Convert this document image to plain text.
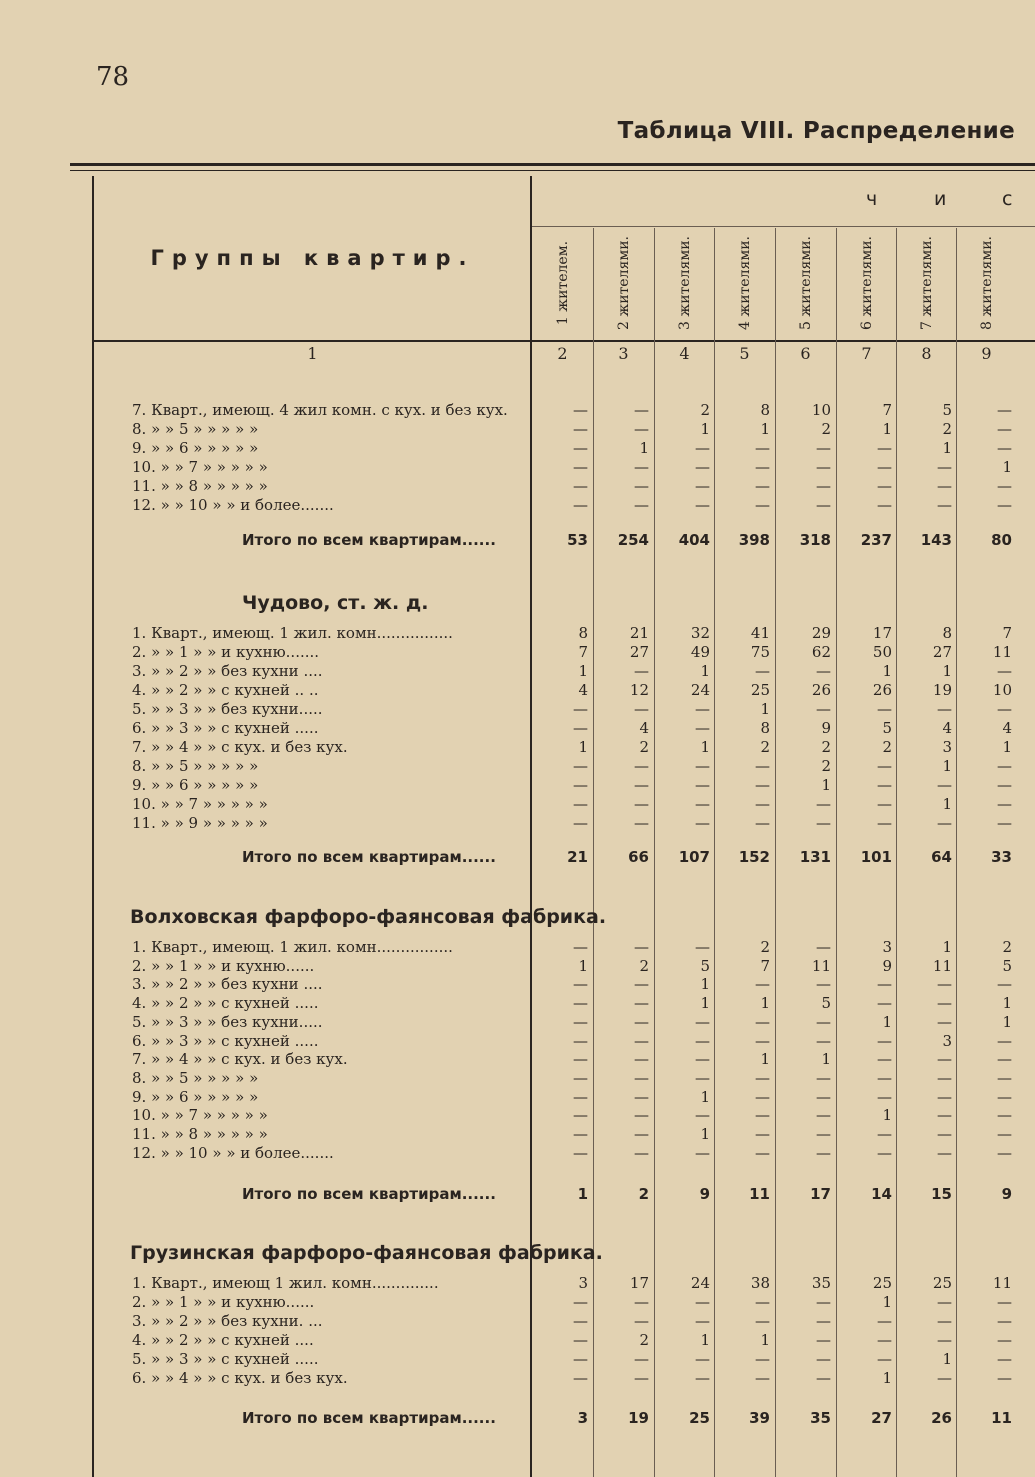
78
Таблица VIII. Распределение
Группы квартир.
ч	и	с
1 жителем.	2 жителями.	3 жителями.	4 жителями.	5 жителями.	6 жителями.	7 жителями.	8 жителями.
1	2	3	4	5	6	7	8	9
7. Кварт., имеющ. 4 жил комн. с кух. и без кух.	—	—	2	8	10	7	5	—
8. » » 5 » » » » »	—	—	1	1	2	1	2	—
9. » » 6 » » » » »	—	1	—	—	—	—	1	—
10. » » 7 » » » » »	—	—	—	—	—	—	—	1
11. » » 8 » » » » »	—	—	—	—	—	—	—	—
12. » » 10 » » и более.......	—	—	—	—	—	—	—	—
Итого по всем квартирам......	53	254	404	398	318	237	143	80
Чудово, ст. ж. д.
1. Кварт., имеющ. 1 жил. комн................	8	21	32	41	29	17	8	7
2. » » 1 » » и кухню.......	7	27	49	75	62	50	27	11
3. » » 2 » » без кухни ....	1	—	1	—	—	1	1	—
4. » » 2 » » с кухней .. ..	4	12	24	25	26	26	19	10
5. » » 3 » » без кухни.....	—	—	—	1	—	—	—	—
6. » » 3 » » с кухней .....	—	4	—	8	9	5	4	4
7. » » 4 » » с кух. и без кух.	1	2	1	2	2	2	3	1
8. » » 5 » » » » »	—	—	—	—	2	—	1	—
9. » » 6 » » » » »	—	—	—	—	1	—	—	—
10. » » 7 » » » » »	—	—	—	—	—	—	1	—
11. » » 9 » » » » »	—	—	—	—	—	—	—	—
Итого по всем квартирам......	21	66	107	152	131	101	64	33
Волховская фарфоро-фаянсовая фабрика.
1. Кварт., имеющ. 1 жил. комн................	—	—	—	2	—	3	1	2
2. » » 1 » » и кухню......	1	2	5	7	11	9	11	5
3. » » 2 » » без кухни ....	—	—	1	—	—	—	—	—
4. » » 2 » » с кухней .....	—	—	1	1	5	—	—	1
5. » » 3 » » без кухни.....	—	—	—	—	—	1	—	1
6. » » 3 » » с кухней .....	—	—	—	—	—	—	3	—
7. » » 4 » » с кух. и без кух.	—	—	—	1	1	—	—	—
8. » » 5 » » » » »	—	—	—	—	—	—	—	—
9. » » 6 » » » » »	—	—	1	—	—	—	—	—
10. » » 7 » » » » »	—	—	—	—	—	1	—	—
11. » » 8 » » » » »	—	—	1	—	—	—	—	—
12. » » 10 » » и более.......	—	—	—	—	—	—	—	—
Итого по всем квартирам......	1	2	9	11	17	14	15	9
Грузинская фарфоро-фаянсовая фабрика.
1. Кварт., имеющ 1 жил. комн..............	3	17	24	38	35	25	25	11
2. » » 1 » » и кухню......	—	—	—	—	—	1	—	—
3. » » 2 » » без кухни. ...	—	—	—	—	—	—	—	—
4. » » 2 » » с кухней ....	—	2	1	1	—	—	—	—
5. » » 3 » » с кухней .....	—	—	—	—	—	—	1	—
6. » » 4 » » с кух. и без кух.	—	—	—	—	—	1	—	—
Итого по всем квартирам......	3	19	25	39	35	27	26	11
